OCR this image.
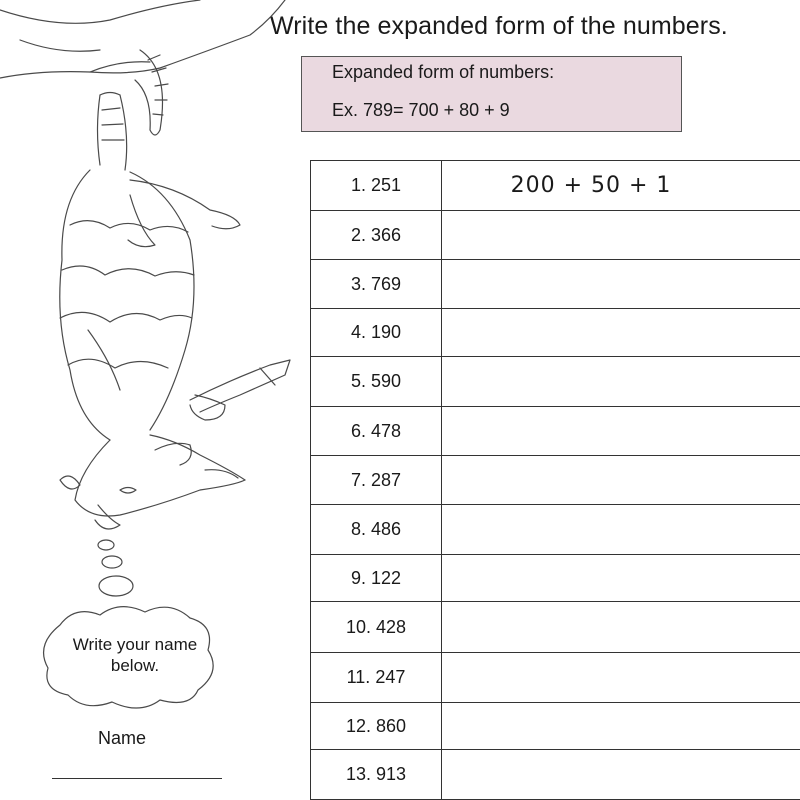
Write the expanded form of the numbers.
Expanded form of numbers:
Ex. 789= 700 + 80 + 9
1. 251	200 + 50 + 1
2. 366
3. 769
4. 190
5. 590
6. 478
7. 287
8. 486
9. 122
10. 428
11. 247
12. 860
13. 913
Write your name below.
Name
